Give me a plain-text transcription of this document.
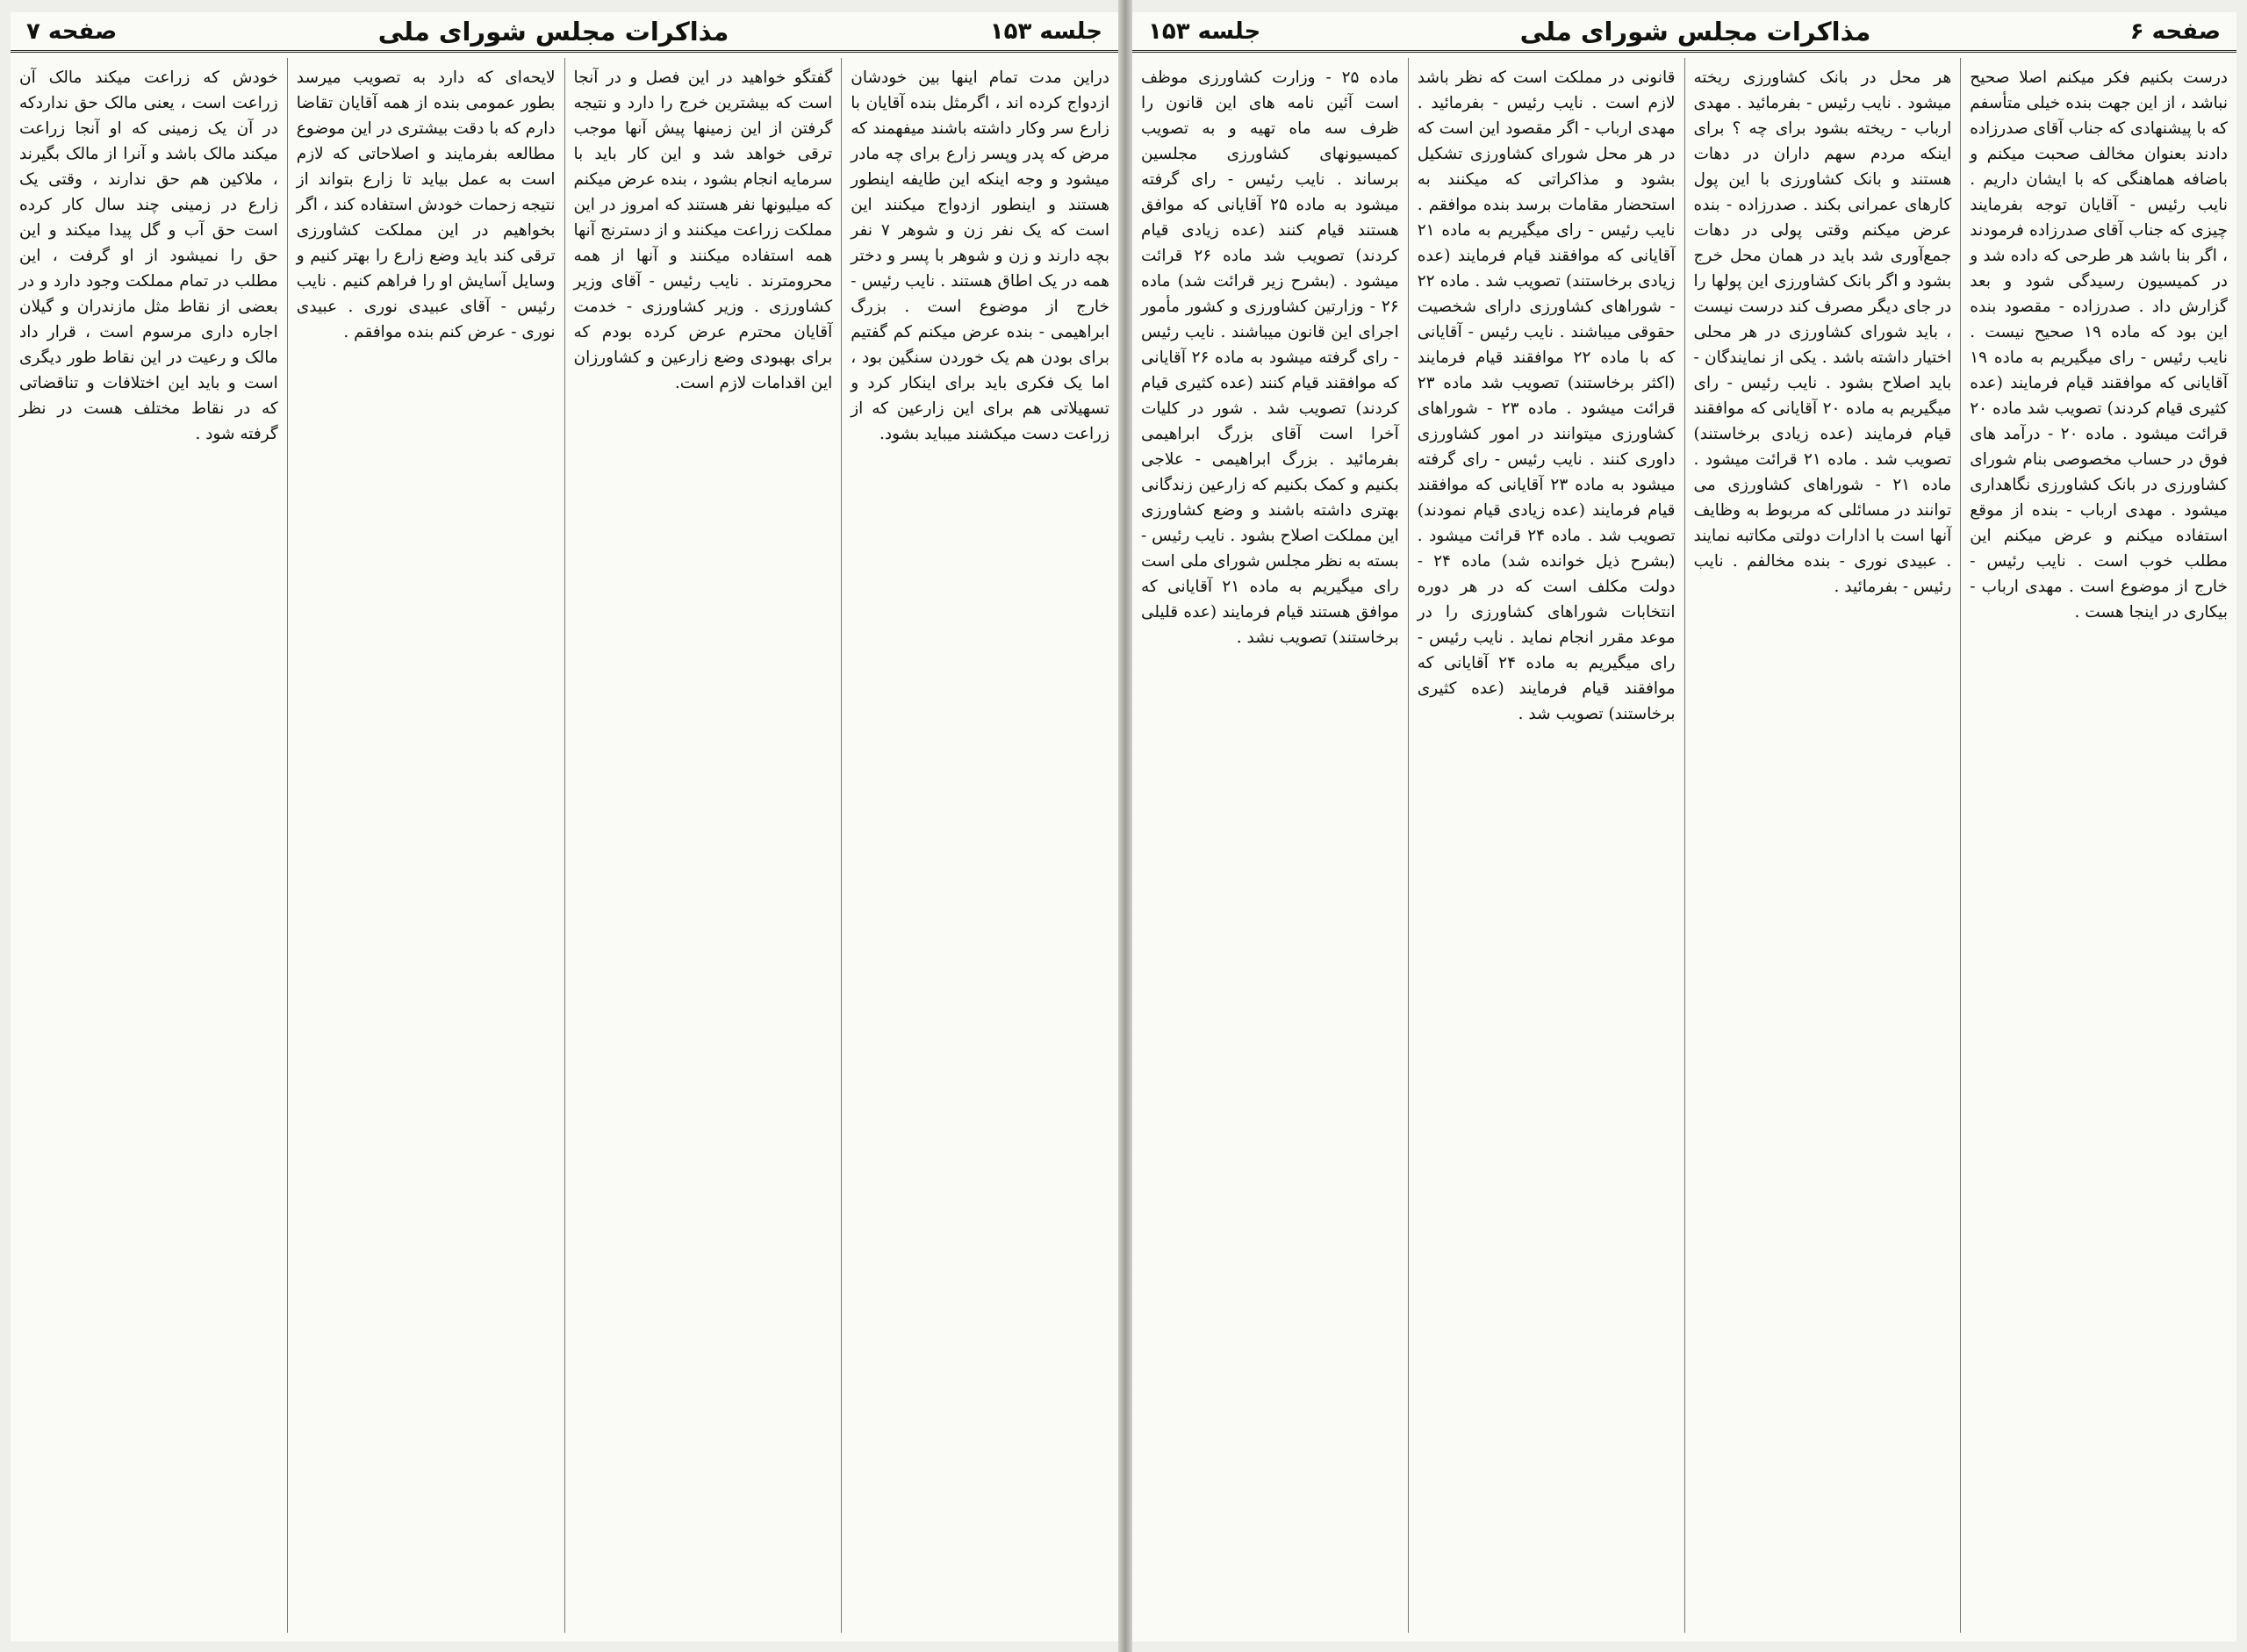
جلسه ۱۵۳
مذاکرات مجلس شورای ملی
صفحه ۷
دراین مدت تمام اینها بین خودشان ازدواج کرده اند ، اگرمثل بنده آقایان با زارع سر وکار داشته باشند میفهمند که مرض که پدر وپسر زارع برای چه مادر میشود و وجه اینکه این طایفه اینطور هستند و اینطور ازدواج میکنند این است که یک نفر زن و شوهر ۷ نفر بچه دارند و زن و شوهر با پسر و دختر همه در یک اطاق هستند . نایب رئیس - خارج از موضوع است . بزرگ ابراهیمی - بنده عرض میکنم کم گفتیم برای بودن هم یک خوردن سنگین بود ، اما یک فکری باید برای اینکار کرد و تسهیلاتی هم برای این زارعین که از زراعت دست میکشند میباید بشود.
گفتگو خواهید در این فصل و در آنجا است که بیشترین خرج را دارد و نتیجه گرفتن از این زمینها پیش آنها موجب ترقی خواهد شد و این کار باید با سرمایه انجام بشود ، بنده عرض میکنم که میلیونها نفر هستند که امروز در این مملکت زراعت میکنند و از دسترنج آنها همه استفاده میکنند و آنها از همه محرومترند . نایب رئیس - آقای وزیر کشاورزی . وزیر کشاورزی - خدمت آقایان محترم عرض کرده بودم که برای بهبودی وضع زارعین و کشاورزان این اقدامات لازم است.
لایحه‌ای که دارد به تصویب میرسد بطور عمومی بنده از همه آقایان تقاضا دارم که با دقت بیشتری در این موضوع مطالعه بفرمایند و اصلاحاتی که لازم است به عمل بیاید تا زارع بتواند از نتیجه زحمات خودش استفاده کند ، اگر بخواهیم در این مملکت کشاورزی ترقی کند باید وضع زارع را بهتر کنیم و وسایل آسایش او را فراهم کنیم . نایب رئیس - آقای عبیدی نوری . عبیدی نوری - عرض کنم بنده موافقم .
خودش که زراعت میکند مالک آن زراعت است ، یعنی مالک حق نداردکه در آن یک زمینی که او آنجا زراعت میکند مالک باشد و آنرا از مالک بگیرند ، ملاکین هم حق ندارند ، وقتی یک زارع در زمینی چند سال کار کرده است حق آب و گل پیدا میکند و این حق را نمیشود از او گرفت ، این مطلب در تمام مملکت وجود دارد و در بعضی از نقاط مثل مازندران و گیلان اجاره داری مرسوم است ، قرار داد مالک و رعیت در این نقاط طور دیگری است و باید این اختلافات و تناقضاتی که در نقاط مختلف هست در نظر گرفته شود .
صفحه ۶
مذاکرات مجلس شورای ملی
جلسه ۱۵۳
درست بکنیم فکر میکنم اصلا صحیح نباشد ، از این جهت بنده خیلی متأسفم که با پیشنهادی که جناب آقای صدرزاده دادند بعنوان مخالف صحبت میکنم و باضافه هماهنگی که با ایشان داریم . نایب رئیس - آقایان توجه بفرمایند چیزی که جناب آقای صدرزاده فرمودند ، اگر بنا باشد هر طرحی که داده شد و در کمیسیون رسیدگی شود و بعد گزارش داد . صدرزاده - مقصود بنده این بود که ماده ۱۹ صحیح نیست . نایب رئیس - رای میگیریم به ماده ۱۹ آقایانی که موافقند قیام فرمایند (عده کثیری قیام کردند) تصویب شد ماده ۲۰ قرائت میشود . ماده ۲۰ - درآمد های فوق در حساب مخصوصی بنام شورای کشاورزی در بانک کشاورزی نگاهداری میشود . مهدی ارباب - بنده از موقع استفاده میکنم و عرض میکنم این مطلب خوب است . نایب رئیس - خارج از موضوع است . مهدی ارباب - بیکاری در اینجا هست .
هر محل در بانک کشاورزی ریخته میشود . نایب رئیس - بفرمائید . مهدی ارباب - ریخته بشود برای چه ؟ برای اینکه مردم سهم‌ داران در دهات هستند و بانک کشاورزی با این پول کارهای عمرانی بکند . صدرزاده - بنده عرض میکنم وقتی پولی در دهات جمع‌آوری شد باید در همان محل خرج بشود و اگر بانک کشاورزی این پولها را در جای دیگر مصرف کند درست نیست ، باید شورای کشاورزی در هر محلی اختیار داشته باشد . یکی از نمایندگان - باید اصلاح بشود . نایب رئیس - رای میگیریم به ماده ۲۰ آقایانی که موافقند قیام فرمایند (عده زیادی برخاستند) تصویب شد . ماده ۲۱ قرائت میشود . ماده ۲۱ - شوراهای کشاورزی می توانند در مسائلی که مربوط به وظایف آنها است با ادارات دولتی مکاتبه نمایند . عبیدی نوری - بنده مخالفم . نایب رئیس - بفرمائید .
قانونی در مملکت است که نظر باشد لازم است . نایب رئیس - بفرمائید . مهدی ارباب - اگر مقصود این است که در هر محل شورای کشاورزی تشکیل بشود و مذاکراتی که میکنند به استحضار مقامات برسد بنده موافقم . نایب رئیس - رای میگیریم به ماده ۲۱ آقایانی که موافقند قیام فرمایند (عده زیادی برخاستند) تصویب شد . ماده ۲۲ - شوراهای کشاورزی دارای شخصیت حقوقی میباشند . نایب رئیس - آقایانی که با ماده ۲۲ موافقند قیام فرمایند (اکثر برخاستند) تصویب شد ماده ۲۳ قرائت میشود . ماده ۲۳ - شوراهای کشاورزی میتوانند در امور کشاورزی داوری کنند . نایب رئیس - رای گرفته میشود به ماده ۲۳ آقایانی که موافقند قیام فرمایند (عده زیادی قیام نمودند) تصویب شد . ماده ۲۴ قرائت میشود . (بشرح ذیل خوانده شد) ماده ۲۴ - دولت مکلف است که در هر دوره انتخابات شوراهای کشاورزی را در موعد مقرر انجام نماید . نایب رئیس - رای میگیریم به ماده ۲۴ آقایانی که موافقند قیام فرمایند (عده کثیری برخاستند) تصویب شد .
ماده ۲۵ - وزارت کشاورزی موظف است آئین نامه های این قانون را ظرف سه ماه تهیه و به تصویب کمیسیونهای کشاورزی مجلسین برساند . نایب رئیس - رای گرفته میشود به ماده ۲۵ آقایانی که موافق هستند قیام کنند (عده زیادی قیام کردند) تصویب شد ماده ۲۶ قرائت میشود . (بشرح زیر قرائت شد) ماده ۲۶ - وزارتین کشاورزی و کشور مأمور اجرای این قانون میباشند . نایب رئیس - رای گرفته میشود به ماده ۲۶ آقایانی که موافقند قیام کنند (عده کثیری قیام کردند) تصویب شد . شور در کلیات آخرا است آقای بزرگ ابراهیمی بفرمائید . بزرگ ابراهیمی - علاجی بکنیم و کمک بکنیم که زارعین زندگانی بهتری داشته باشند و وضع کشاورزی این مملکت اصلاح بشود . نایب رئیس - بسته به نظر مجلس شورای ملی است رای میگیریم به ماده ۲۱ آقایانی که موافق هستند قیام فرمایند (عده قلیلی برخاستند) تصویب نشد .
